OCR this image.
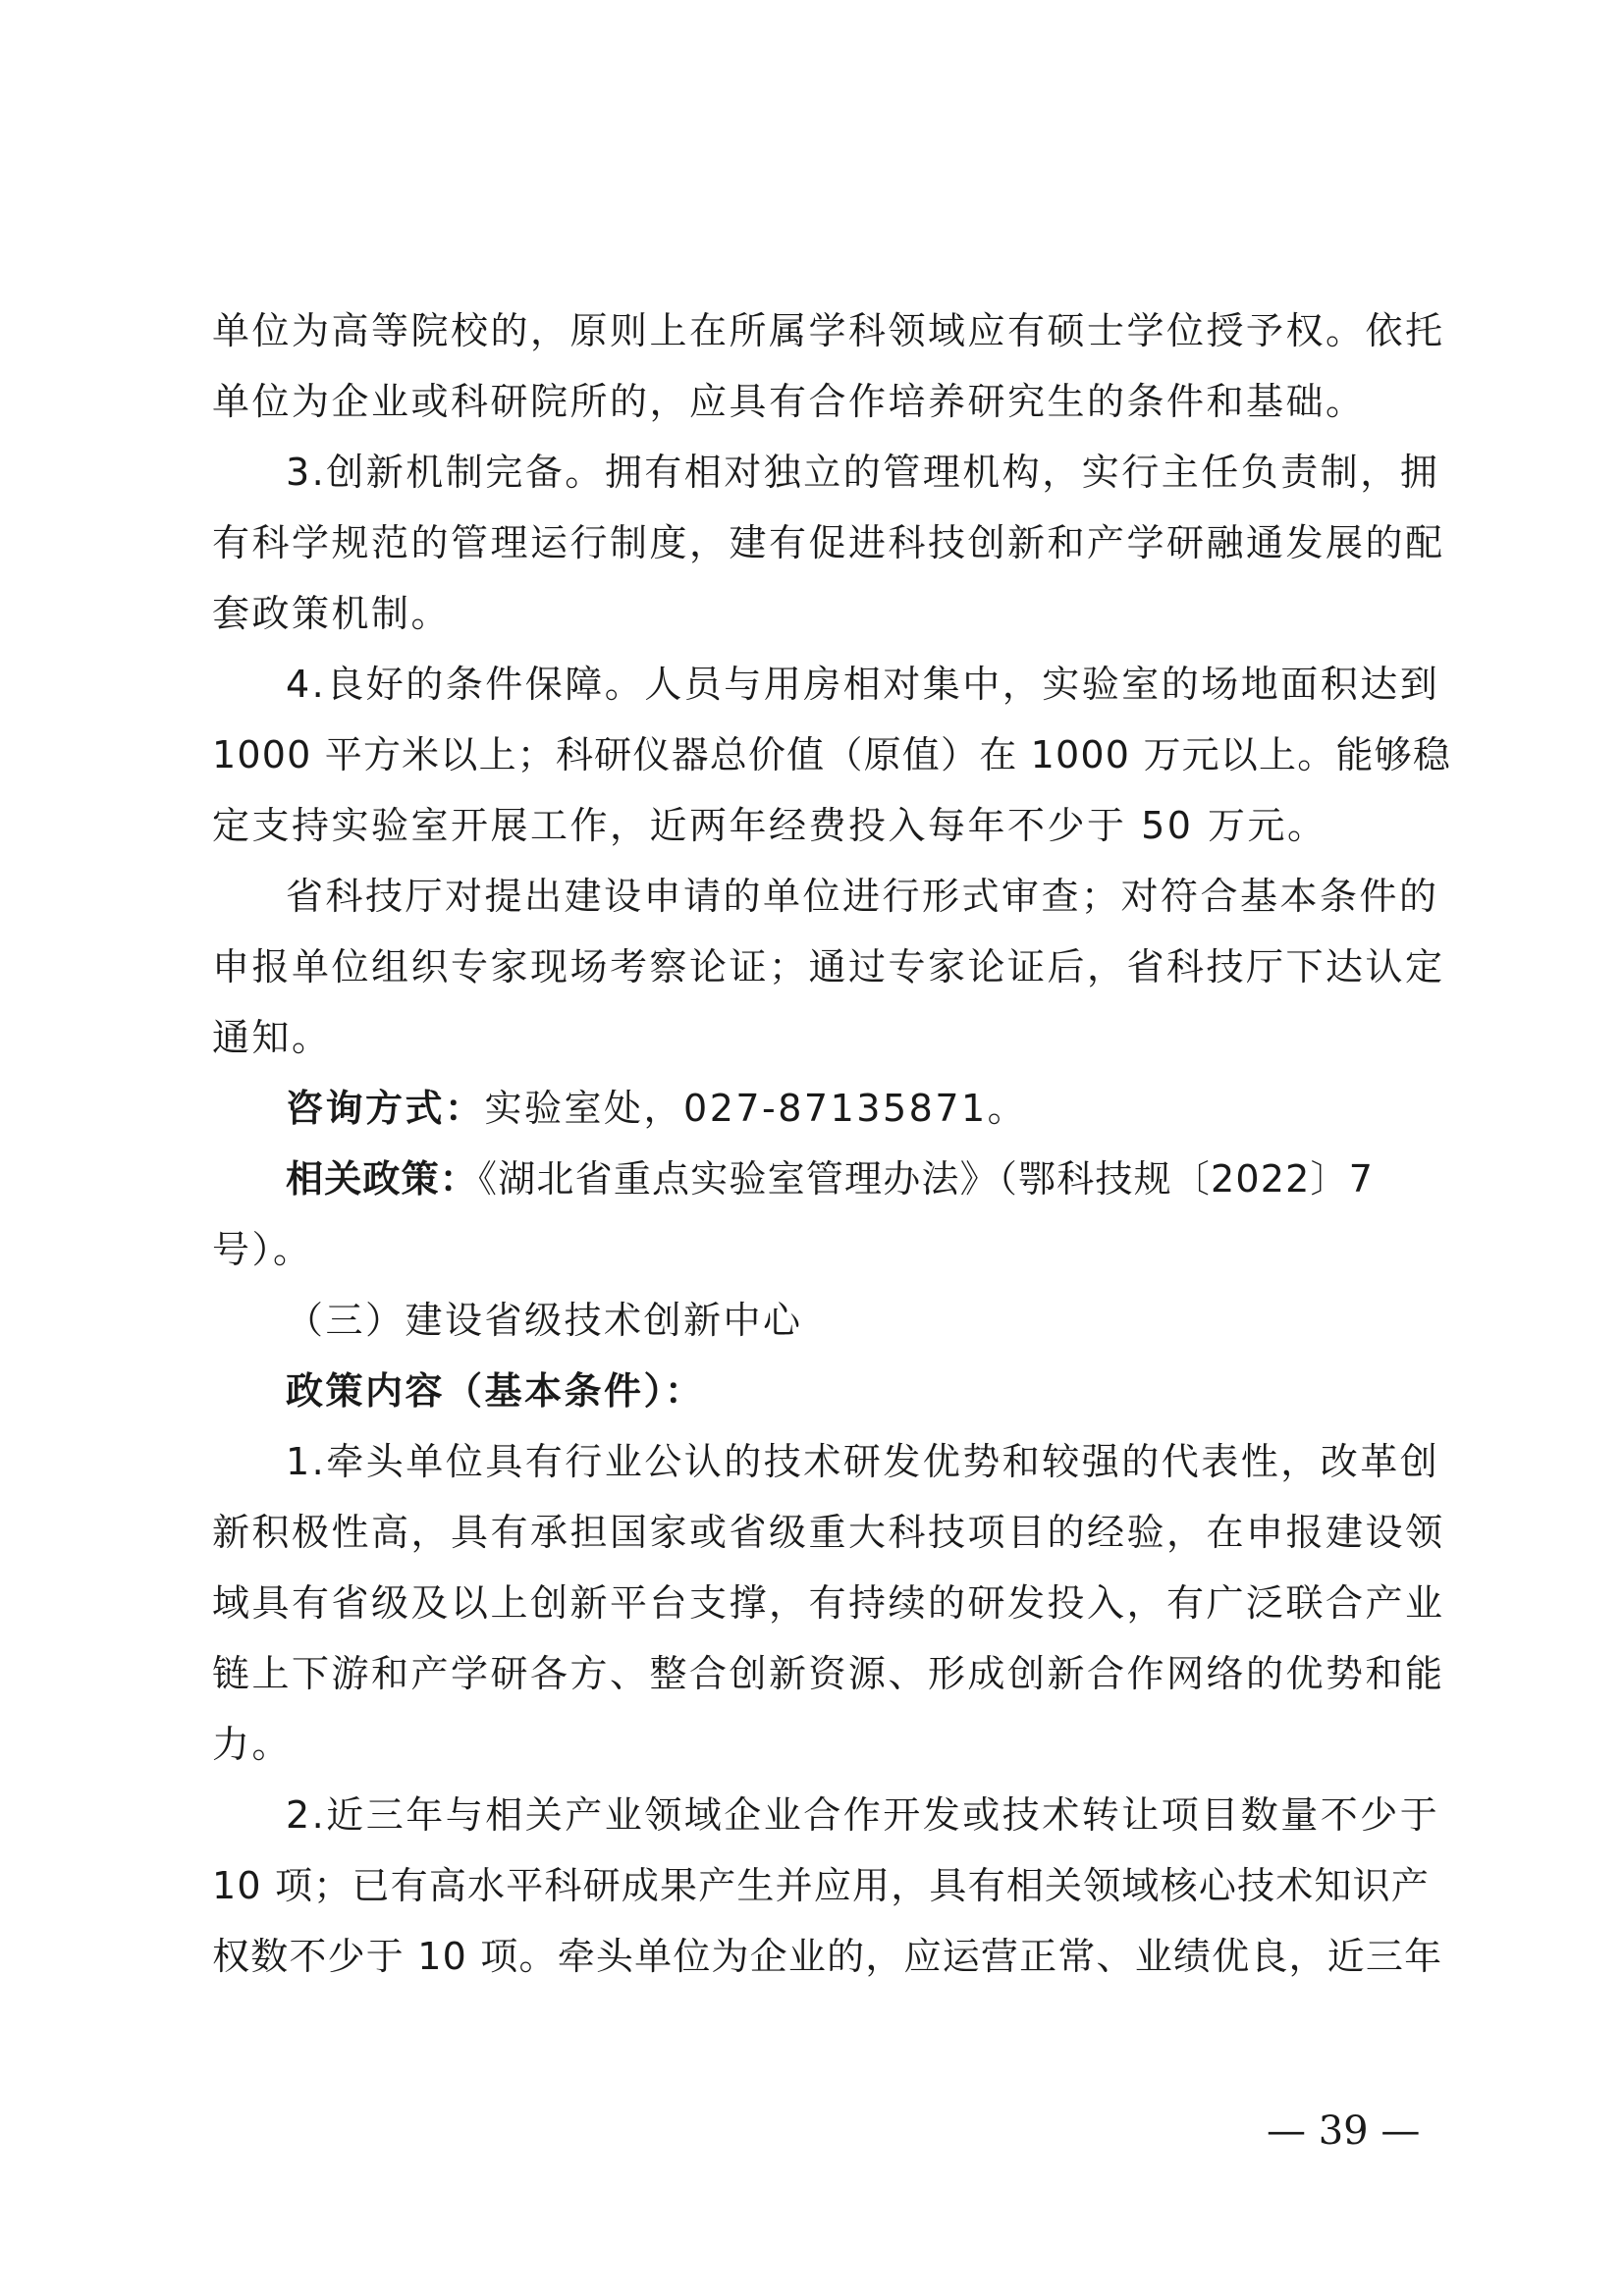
单位为高等院校的，原则上在所属学科领域应有硕士学位授予权。依托
单位为企业或科研院所的，应具有合作培养研究生的条件和基础。
3.创新机制完备。拥有相对独立的管理机构，实行主任负责制，拥
有科学规范的管理运行制度，建有促进科技创新和产学研融通发展的配
套政策机制。
4.良好的条件保障。人员与用房相对集中，实验室的场地面积达到
1000 平方米以上；科研仪器总价值（原值）在 1000 万元以上。能够稳
定支持实验室开展工作，近两年经费投入每年不少于 50 万元。
省科技厅对提出建设申请的单位进行形式审查；对符合基本条件的
申报单位组织专家现场考察论证；通过专家论证后，省科技厅下达认定
通知。
咨询方式：实验室处，027-87135871。
相关政策：《湖北省重点实验室管理办法》（鄂科技规〔2022〕7
号）。
（三）建设省级技术创新中心
政策内容（基本条件）：
1.牵头单位具有行业公认的技术研发优势和较强的代表性，改革创
新积极性高，具有承担国家或省级重大科技项目的经验，在申报建设领
域具有省级及以上创新平台支撑，有持续的研发投入，有广泛联合产业
链上下游和产学研各方、整合创新资源、形成创新合作网络的优势和能
力。
2.近三年与相关产业领域企业合作开发或技术转让项目数量不少于
10 项；已有高水平科研成果产生并应用，具有相关领域核心技术知识产
权数不少于 10 项。牵头单位为企业的，应运营正常、业绩优良，近三年
— 39 —
